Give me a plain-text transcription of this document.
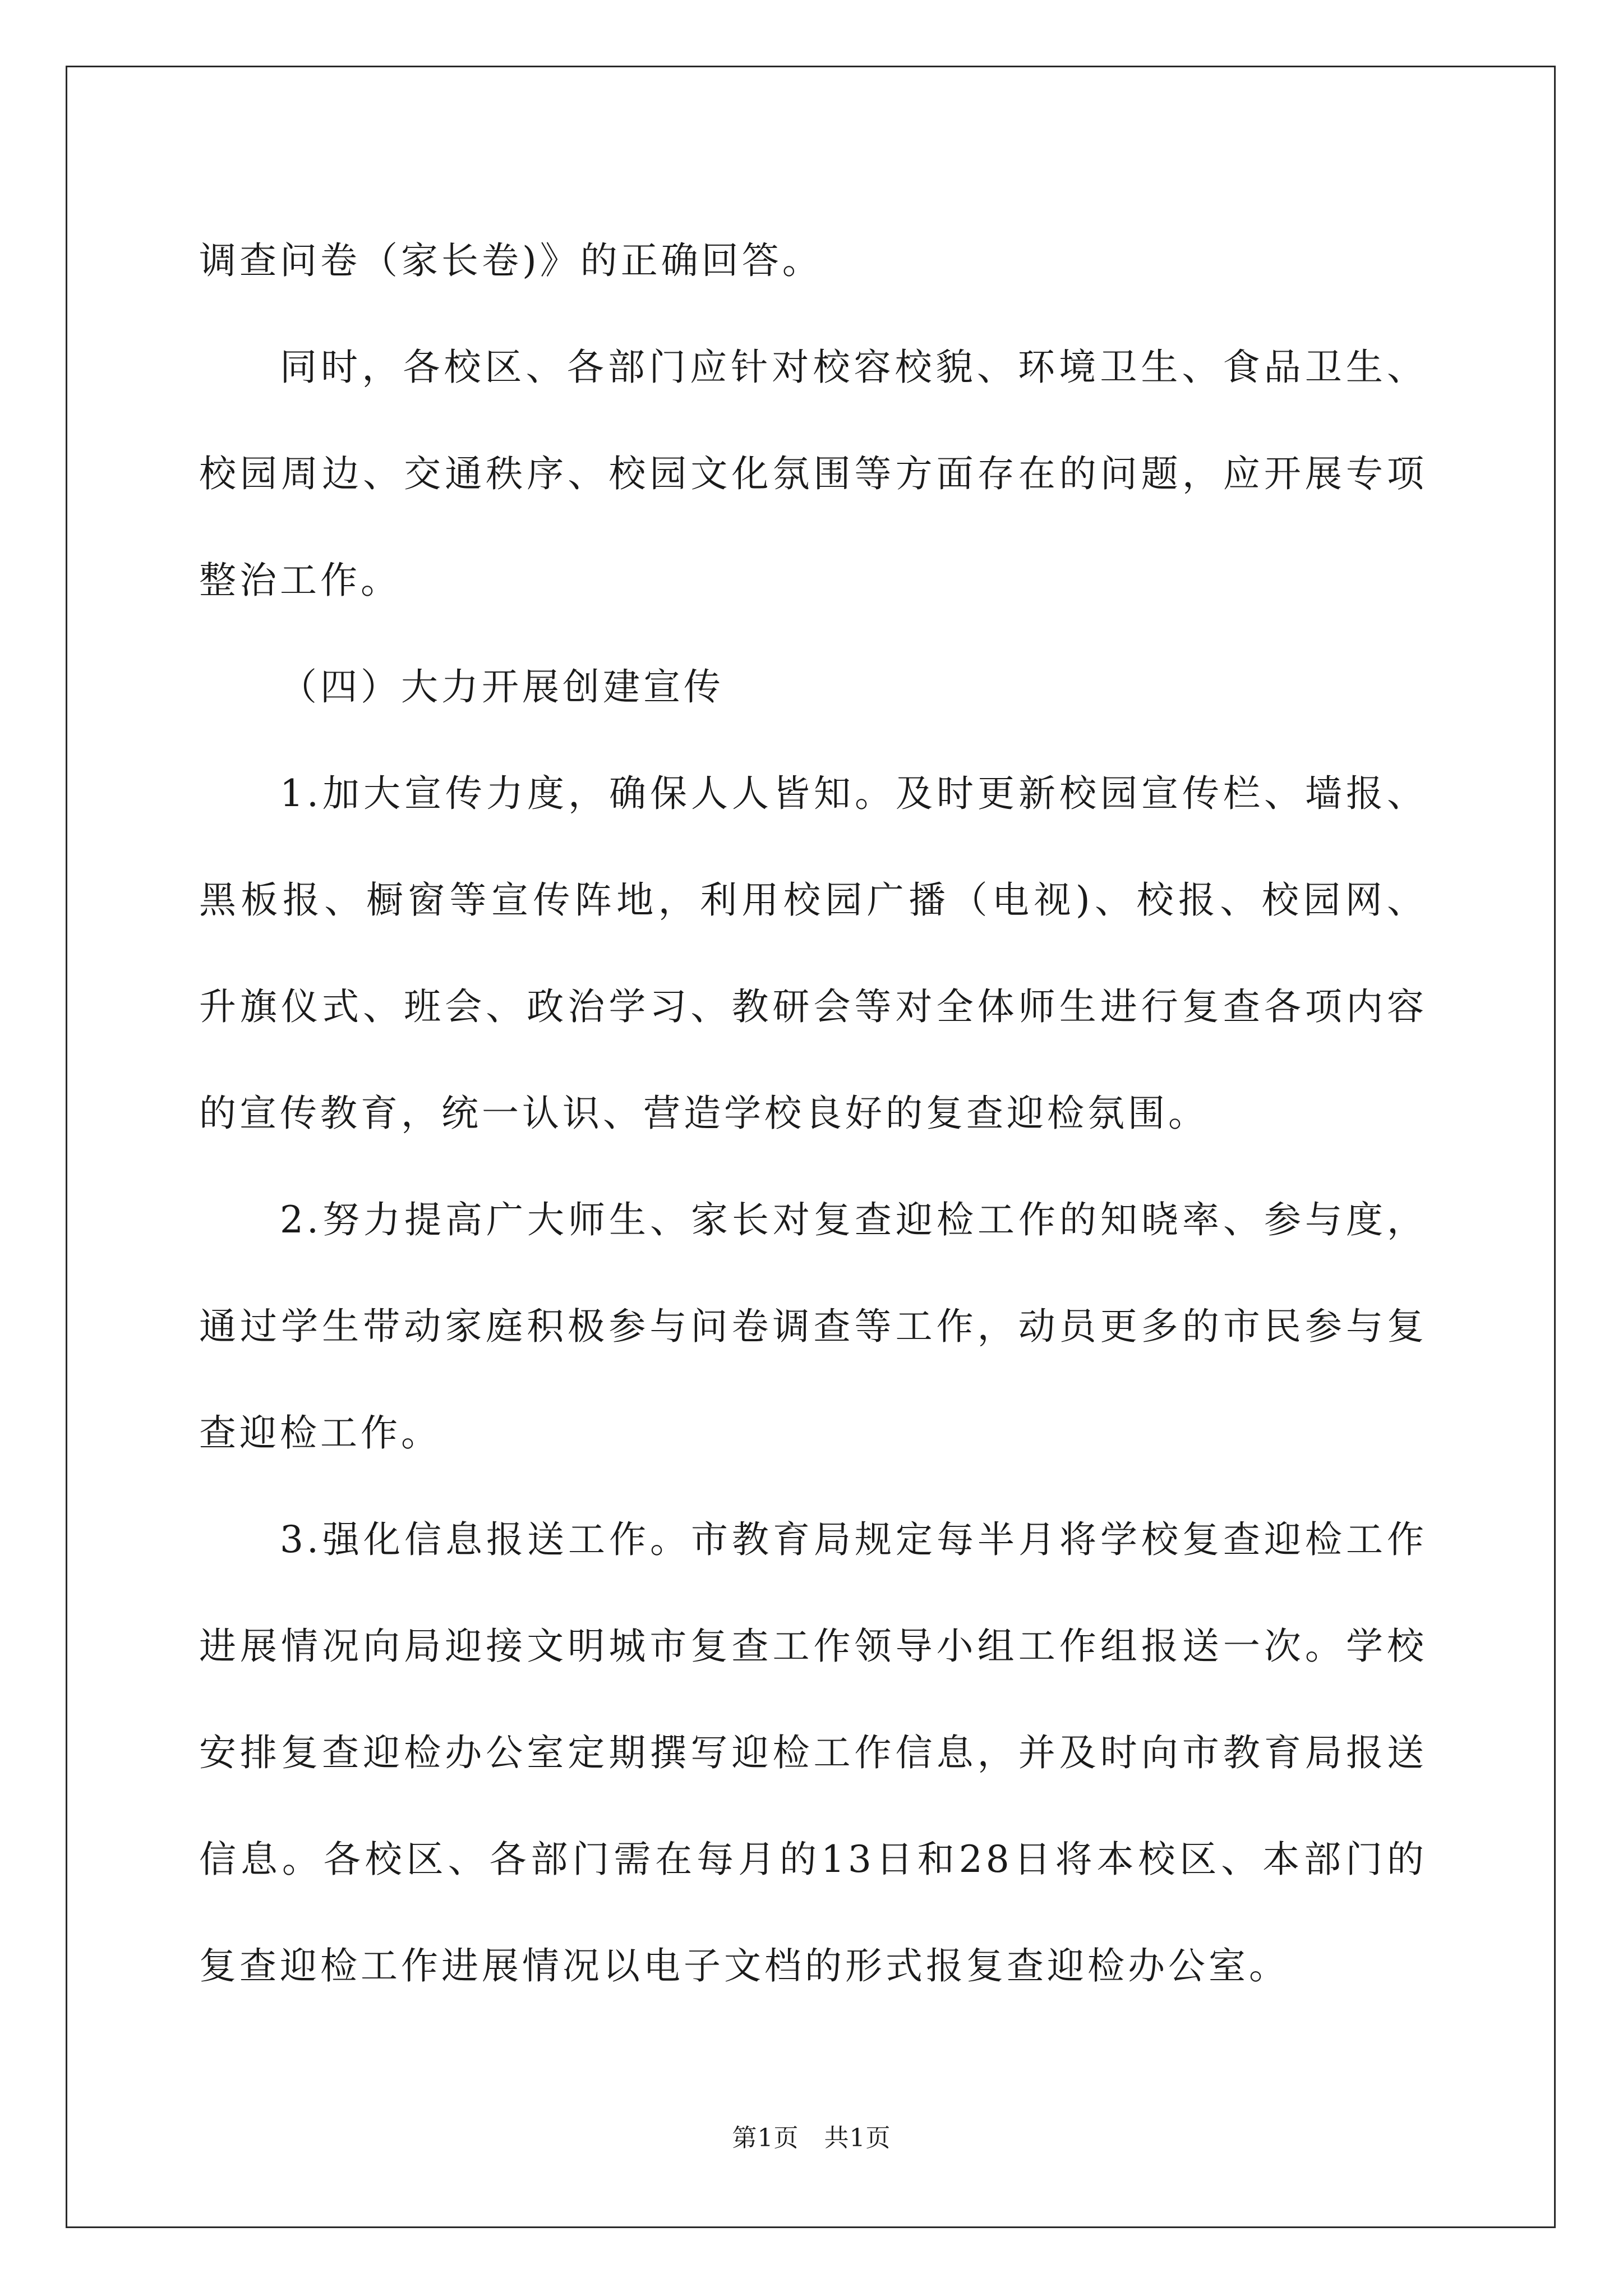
调查问卷（家长卷)》的正确回答。

同时，各校区、各部门应针对校容校貌、环境卫生、食品卫生、校园周边、交通秩序、校园文化氛围等方面存在的问题，应开展专项整治工作。

（四）大力开展创建宣传

1.加大宣传力度，确保人人皆知。及时更新校园宣传栏、墙报、黑板报、橱窗等宣传阵地，利用校园广播（电视)、校报、校园网、升旗仪式、班会、政治学习、教研会等对全体师生进行复查各项内容的宣传教育，统一认识、营造学校良好的复查迎检氛围。

2.努力提高广大师生、家长对复查迎检工作的知晓率、参与度，通过学生带动家庭积极参与问卷调查等工作，动员更多的市民参与复查迎检工作。

3.强化信息报送工作。市教育局规定每半月将学校复查迎检工作进展情况向局迎接文明城市复查工作领导小组工作组报送一次。学校安排复查迎检办公室定期撰写迎检工作信息，并及时向市教育局报送信息。各校区、各部门需在每月的13日和28日将本校区、本部门的复查迎检工作进展情况以电子文档的形式报复查迎检办公室。

第1页　共1页
